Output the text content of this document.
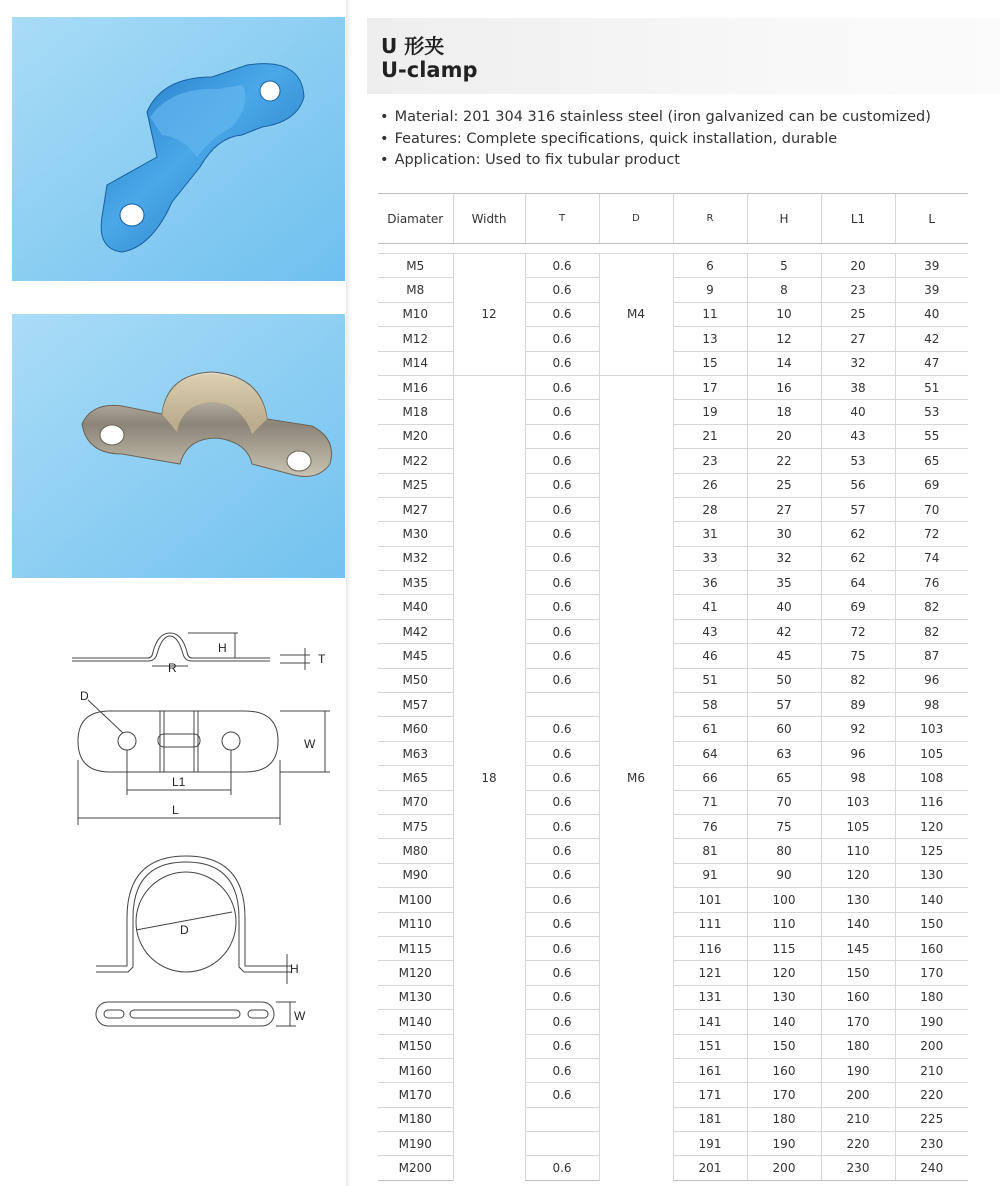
H
T
R
D
W
L1
L
D
H
W
U 形夹
U-clamp
• Material: 201 304 316 stainless steel (iron galvanized can be customized)
• Features: Complete specifications, quick installation, durable
• Application: Used to fix tubular product
Diamater	Width	T	D	R	H	L1	L

M5	12	0.6	M4	6	5	20	39
M8		0.6		9	8	23	39
M10		0.6		11	10	25	40
M12		0.6		13	12	27	42
M14		0.6		15	14	32	47
M16	18	0.6	M6	17	16	38	51
M18		0.6		19	18	40	53
M20		0.6		21	20	43	55
M22		0.6		23	22	53	65
M25		0.6		26	25	56	69
M27		0.6		28	27	57	70
M30		0.6		31	30	62	72
M32		0.6		33	32	62	74
M35		0.6		36	35	64	76
M40		0.6		41	40	69	82
M42		0.6		43	42	72	82
M45		0.6		46	45	75	87
M50		0.6		51	50	82	96
M57				58	57	89	98
M60		0.6		61	60	92	103
M63		0.6		64	63	96	105
M65		0.6		66	65	98	108
M70		0.6		71	70	103	116
M75		0.6		76	75	105	120
M80		0.6		81	80	110	125
M90		0.6		91	90	120	130
M100		0.6		101	100	130	140
M110		0.6		111	110	140	150
M115		0.6		116	115	145	160
M120		0.6		121	120	150	170
M130		0.6		131	130	160	180
M140		0.6		141	140	170	190
M150		0.6		151	150	180	200
M160		0.6		161	160	190	210
M170		0.6		171	170	200	220
M180				181	180	210	225
M190				191	190	220	230
M200		0.6		201	200	230	240
